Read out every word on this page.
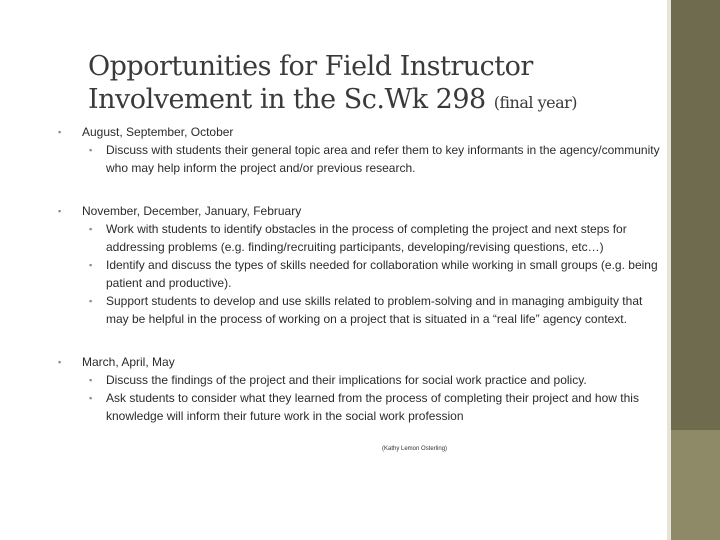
Opportunities for Field Instructor
Involvement in the Sc.Wk 298 (final year)
▪ August, September, October
▪ Discuss with students their general topic area and refer them to key informants in the agency/community who may help inform the project and/or previous research.
▪ November, December, January, February
▪ Work with students to identify obstacles in the process of completing the project and next steps for addressing problems (e.g. finding/recruiting participants, developing/revising questions, etc…)
▪ Identify and discuss the types of skills needed for collaboration while working in small groups (e.g. being patient and productive).
▪ Support students to develop and use skills related to problem-solving and in managing ambiguity that may be helpful in the process of working on a project that is situated in a “real life” agency context.
▪ March, April, May
▪ Discuss the findings of the project and their implications for social work practice and policy.
▪ Ask students to consider what they learned from the process of completing their project and how this knowledge will inform their future work in the social work profession
(Kathy Lemon Osterling)
